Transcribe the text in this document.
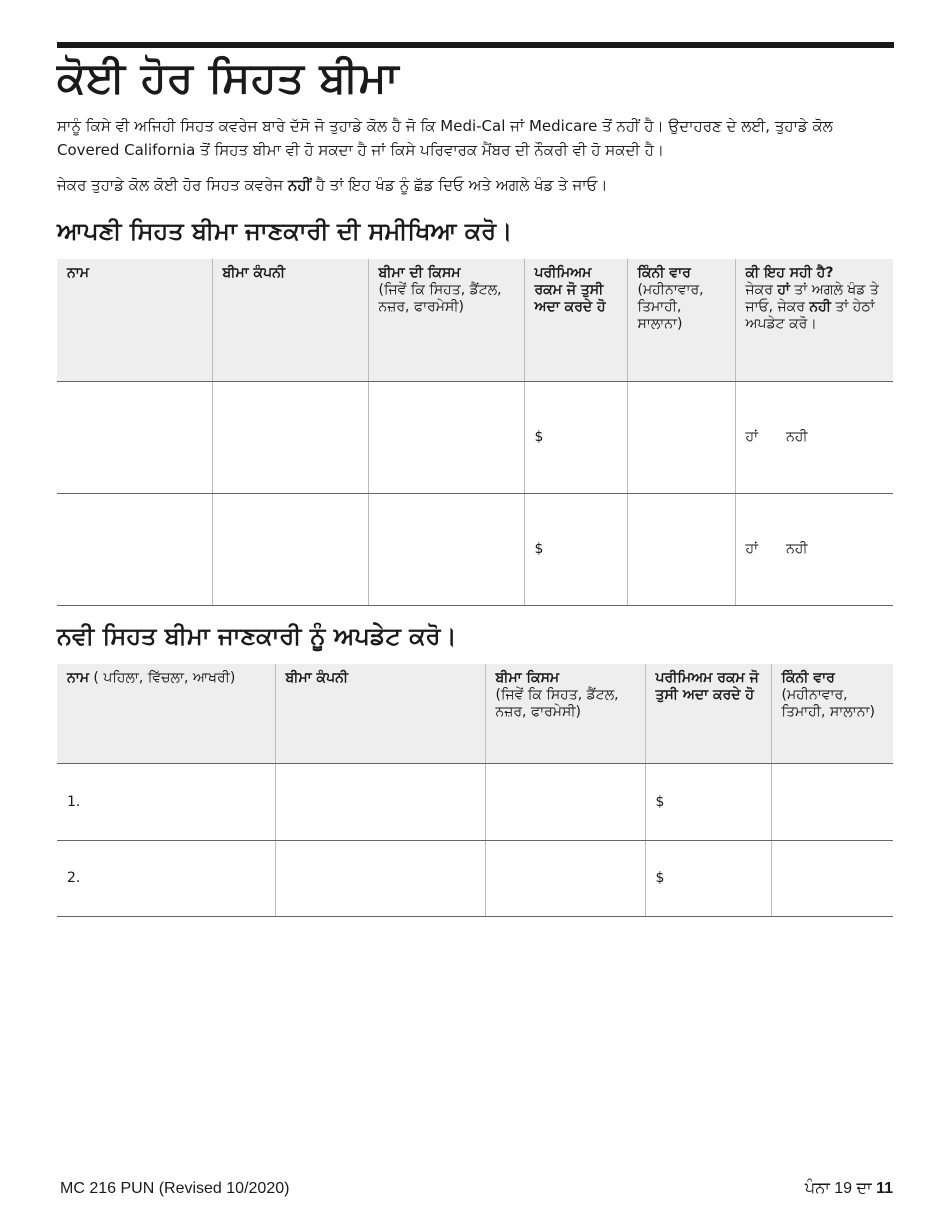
ਕੋਈ ਹੋਰ ਸਿਹਤ ਬੀਮਾ

ਸਾਨੂੰ ਕਿਸੇ ਵੀ ਅਜਿਹੀ ਸਿਹਤ ਕਵਰੇਜ ਬਾਰੇ ਦੱਸੋ ਜੋ ਤੁਹਾਡੇ ਕੋਲ ਹੈ ਜੋ ਕਿ Medi-Cal ਜਾਂ Medicare ਤੋਂ ਨਹੀਂ ਹੈ। ਉਦਾਹਰਣ ਦੇ ਲਈ, ਤੁਹਾਡੇ ਕੋਲ Covered California ਤੋਂ ਸਿਹਤ ਬੀਮਾ ਵੀ ਹੋ ਸਕਦਾ ਹੈ ਜਾਂ ਕਿਸੇ ਪਰਿਵਾਰਕ ਮੈਂਬਰ ਦੀ ਨੌਕਰੀ ਵੀ ਹੋ ਸਕਦੀ ਹੈ।

ਜੇਕਰ ਤੁਹਾਡੇ ਕੋਲ ਕੋਈ ਹੋਰ ਸਿਹਤ ਕਵਰੇਜ ਨਹੀਂ ਹੈ ਤਾਂ ਇਹ ਖੰਡ ਨੂੰ ਛੱਡ ਦਿਓ ਅਤੇ ਅਗਲੇ ਖੰਡ ਤੇ ਜਾਓ।

ਆਪਣੀ ਸਿਹਤ ਬੀਮਾ ਜਾਣਕਾਰੀ ਦੀ ਸਮੀਖਿਆ ਕਰੋ।
ਨਾਮ	ਬੀਮਾ ਕੰਪਨੀ	ਬੀਮਾ ਦੀ ਕਿਸਮ
(ਜਿਵੇਂ ਕਿ ਸਿਹਤ, ਡੈਂਟਲ, ਨਜ਼ਰ, ਫਾਰਮੇਸੀ)	ਪਰੀਮਿਅਮ ਰਕਮ ਜੋ ਤੁਸੀ ਅਦਾ ਕਰਦੇ ਹੋ	ਕਿੰਨੀ ਵਾਰ
(ਮਹੀਨਾਵਾਰ, ਤਿਮਾਹੀ, ਸਾਲਾਨਾ)	ਕੀ ਇਹ ਸਹੀ ਹੈ?
ਜੇਕਰ ਹਾਂ ਤਾਂ ਅਗਲੇ ਖੰਡ ਤੇ ਜਾਓ, ਜੇਕਰ ਨਹੀ ਤਾਂ ਹੇਠਾਂ ਅਪਡੇਟ ਕਰੋ।
			$		ਹਾਂ ਨਹੀ
			$		ਹਾਂ ਨਹੀ
ਨਵੀ ਸਿਹਤ ਬੀਮਾ ਜਾਣਕਾਰੀ ਨੂੰ ਅਪਡੇਟ ਕਰੋ।
ਨਾਮ ( ਪਹਿਲਾ, ਵਿੱਚਲਾ, ਆਖਰੀ)	ਬੀਮਾ ਕੰਪਨੀ	ਬੀਮਾ ਕਿਸਮ
(ਜਿਵੇਂ ਕਿ ਸਿਹਤ, ਡੈਂਟਲ, ਨਜ਼ਰ, ਫਾਰਮੇਸੀ)	ਪਰੀਮਿਅਮ ਰਕਮ ਜੋ ਤੁਸੀ ਅਦਾ ਕਰਦੇ ਹੋ	ਕਿੰਨੀ ਵਾਰ
(ਮਹੀਨਾਵਾਰ, ਤਿਮਾਹੀ, ਸਾਲਾਨਾ)
1.			$	
2.			$	
MC 216 PUN (Revised 10/2020)	ਪੰਨਾ 19 ਦਾ 11
